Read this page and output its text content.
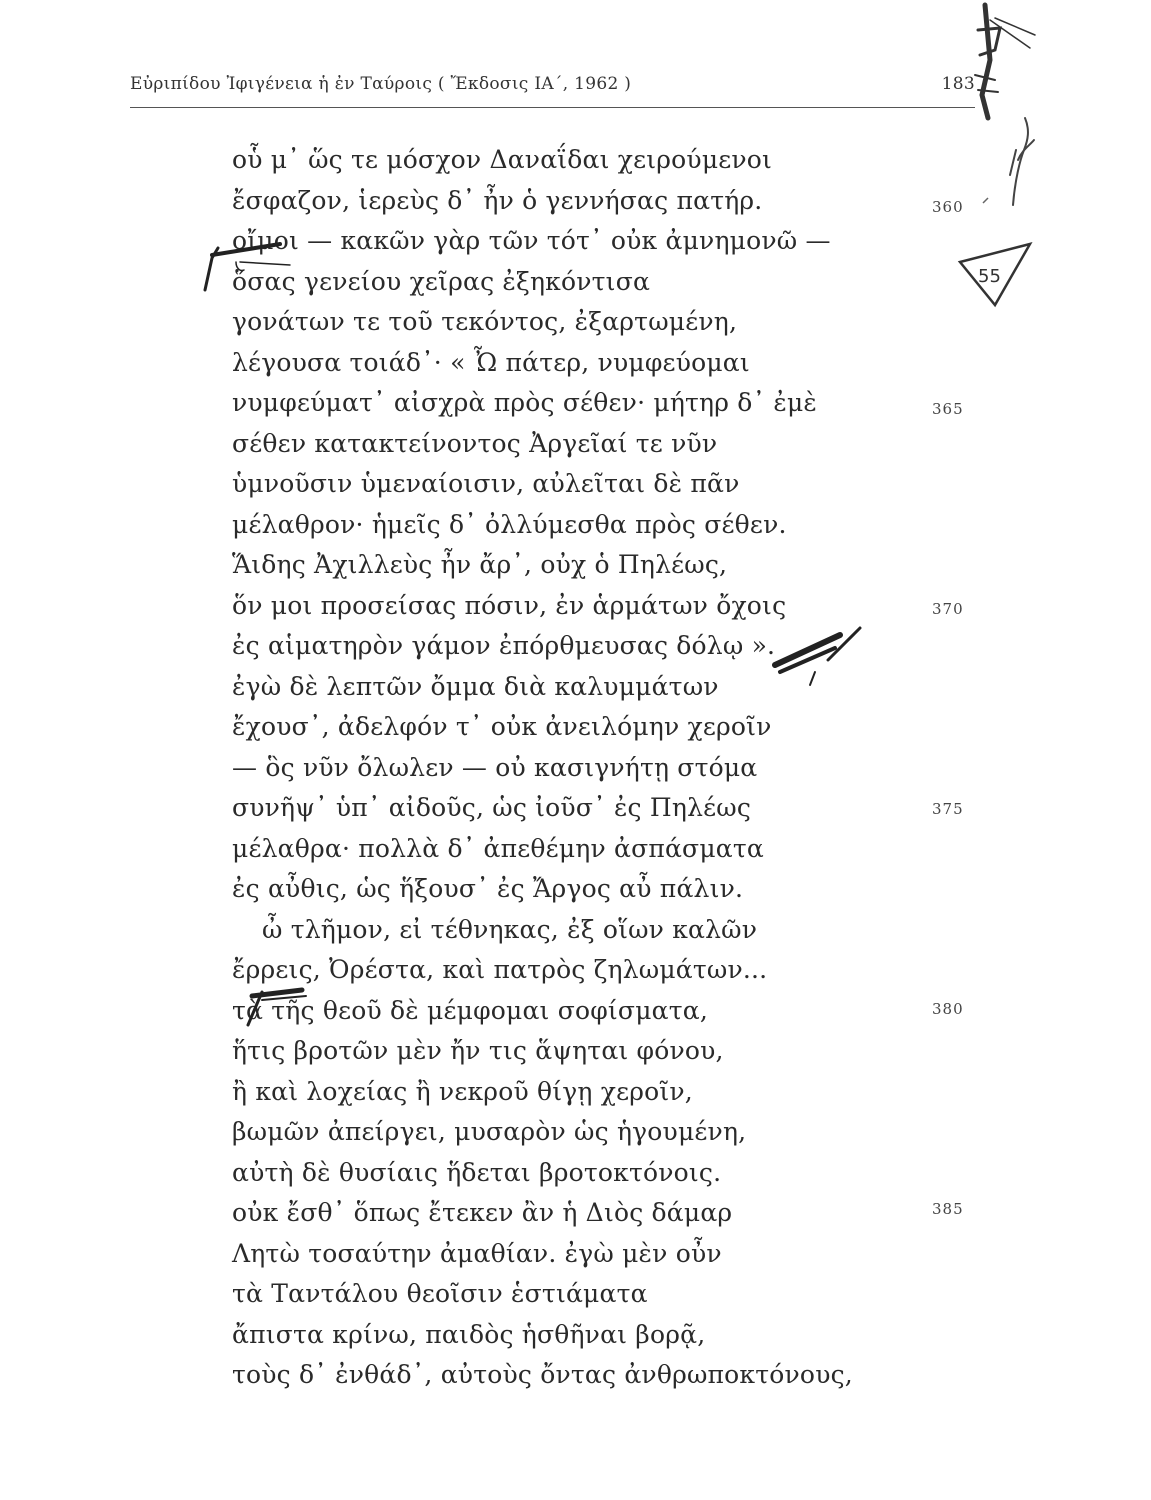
Εὐριπίδου Ἰφιγένεια ἡ ἐν Ταύροις ( Ἔκδοσις ΙΑ΄, 1962 )	183
οὗ μ᾽ ὥς τε μόσχον Δαναΐδαι χειρούμενοι
ἔσφαζον, ἱερεὺς δ᾽ ἦν ὁ γεννήσας πατήρ.
οἴμοι — κακῶν γὰρ τῶν τότ᾽ οὐκ ἀμνημονῶ —
ὅσας γενείου χεῖρας ἐξηκόντισα
γονάτων τε τοῦ τεκόντος, ἐξαρτωμένη,
λέγουσα τοιάδ᾽· « Ὦ πάτερ, νυμφεύομαι
νυμφεύματ᾽ αἰσχρὰ πρὸς σέθεν· μήτηρ δ᾽ ἐμὲ
σέθεν κατακτείνοντος Ἀργεῖαί τε νῦν
ὑμνοῦσιν ὑμεναίοισιν, αὐλεῖται δὲ πᾶν
μέλαθρον· ἡμεῖς δ᾽ ὀλλύμεσθα πρὸς σέθεν.
Ἅιδης Ἀχιλλεὺς ἦν ἄρ᾽, οὐχ ὁ Πηλέως,
ὅν μοι προσείσας πόσιν, ἐν ἁρμάτων ὄχοις
ἐς αἱματηρὸν γάμον ἐπόρθμευσας δόλῳ ».
ἐγὼ δὲ λεπτῶν ὄμμα διὰ καλυμμάτων
ἔχουσ᾽, ἀδελφόν τ᾽ οὐκ ἀνειλόμην χεροῖν
— ὃς νῦν ὄλωλεν — οὐ κασιγνήτῃ στόμα
συνῆψ᾽ ὑπ᾽ αἰδοῦς, ὡς ἰοῦσ᾽ ἐς Πηλέως
μέλαθρα· πολλὰ δ᾽ ἀπεθέμην ἀσπάσματα
ἐς αὖθις, ὡς ἥξουσ᾽ ἐς Ἄργος αὖ πάλιν.
ὦ τλῆμον, εἰ τέθνηκας, ἐξ οἵων καλῶν
ἔρρεις, Ὀρέστα, καὶ πατρὸς ζηλωμάτων...
τὰ τῆς θεοῦ δὲ μέμφομαι σοφίσματα,
ἥτις βροτῶν μὲν ἤν τις ἅψηται φόνου,
ἢ καὶ λοχείας ἢ νεκροῦ θίγῃ χεροῖν,
βωμῶν ἀπείργει, μυσαρὸν ὡς ἡγουμένη,
αὐτὴ δὲ θυσίαις ἥδεται βροτοκτόνοις.
οὐκ ἔσθ᾽ ὅπως ἔτεκεν ἂν ἡ Διὸς δάμαρ
Λητὼ τοσαύτην ἀμαθίαν. ἐγὼ μὲν οὖν
τὰ Ταντάλου θεοῖσιν ἑστιάματα
ἄπιστα κρίνω, παιδὸς ἡσθῆναι βορᾷ,
τοὺς δ᾽ ἐνθάδ᾽, αὐτοὺς ὄντας ἀνθρωποκτόνους,
360
365
370
375
380
385
55
